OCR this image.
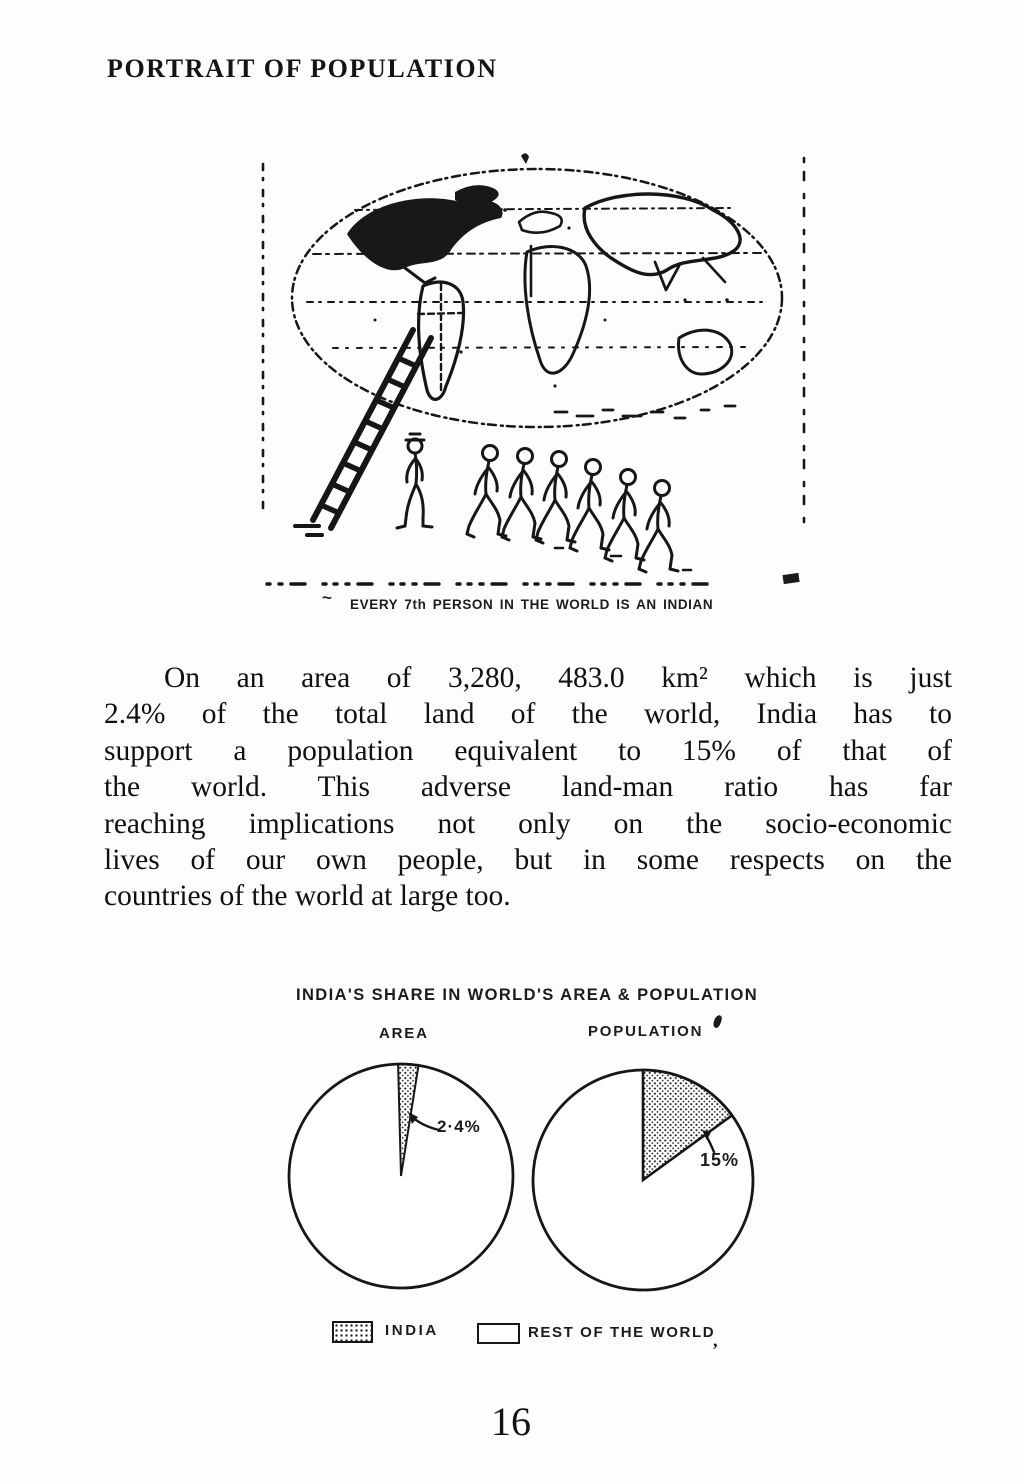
PORTRAIT OF POPULATION
~ EVERY 7th PERSON IN THE WORLD IS AN INDIAN
On an area of 3,280, 483.0 km² which is just
2.4% of the total land of the world, India has to
support a population equivalent to 15% of that of
the world. This adverse land-man ratio has far
reaching implications not only on the socio-economic
lives of our own people, but in some respects on the
countries of the world at large too.
INDIA'S SHARE IN WORLD'S AREA & POPULATION
AREA	POPULATION
2·4%
15%
INDIA	REST OF THE WORLD
,
16
